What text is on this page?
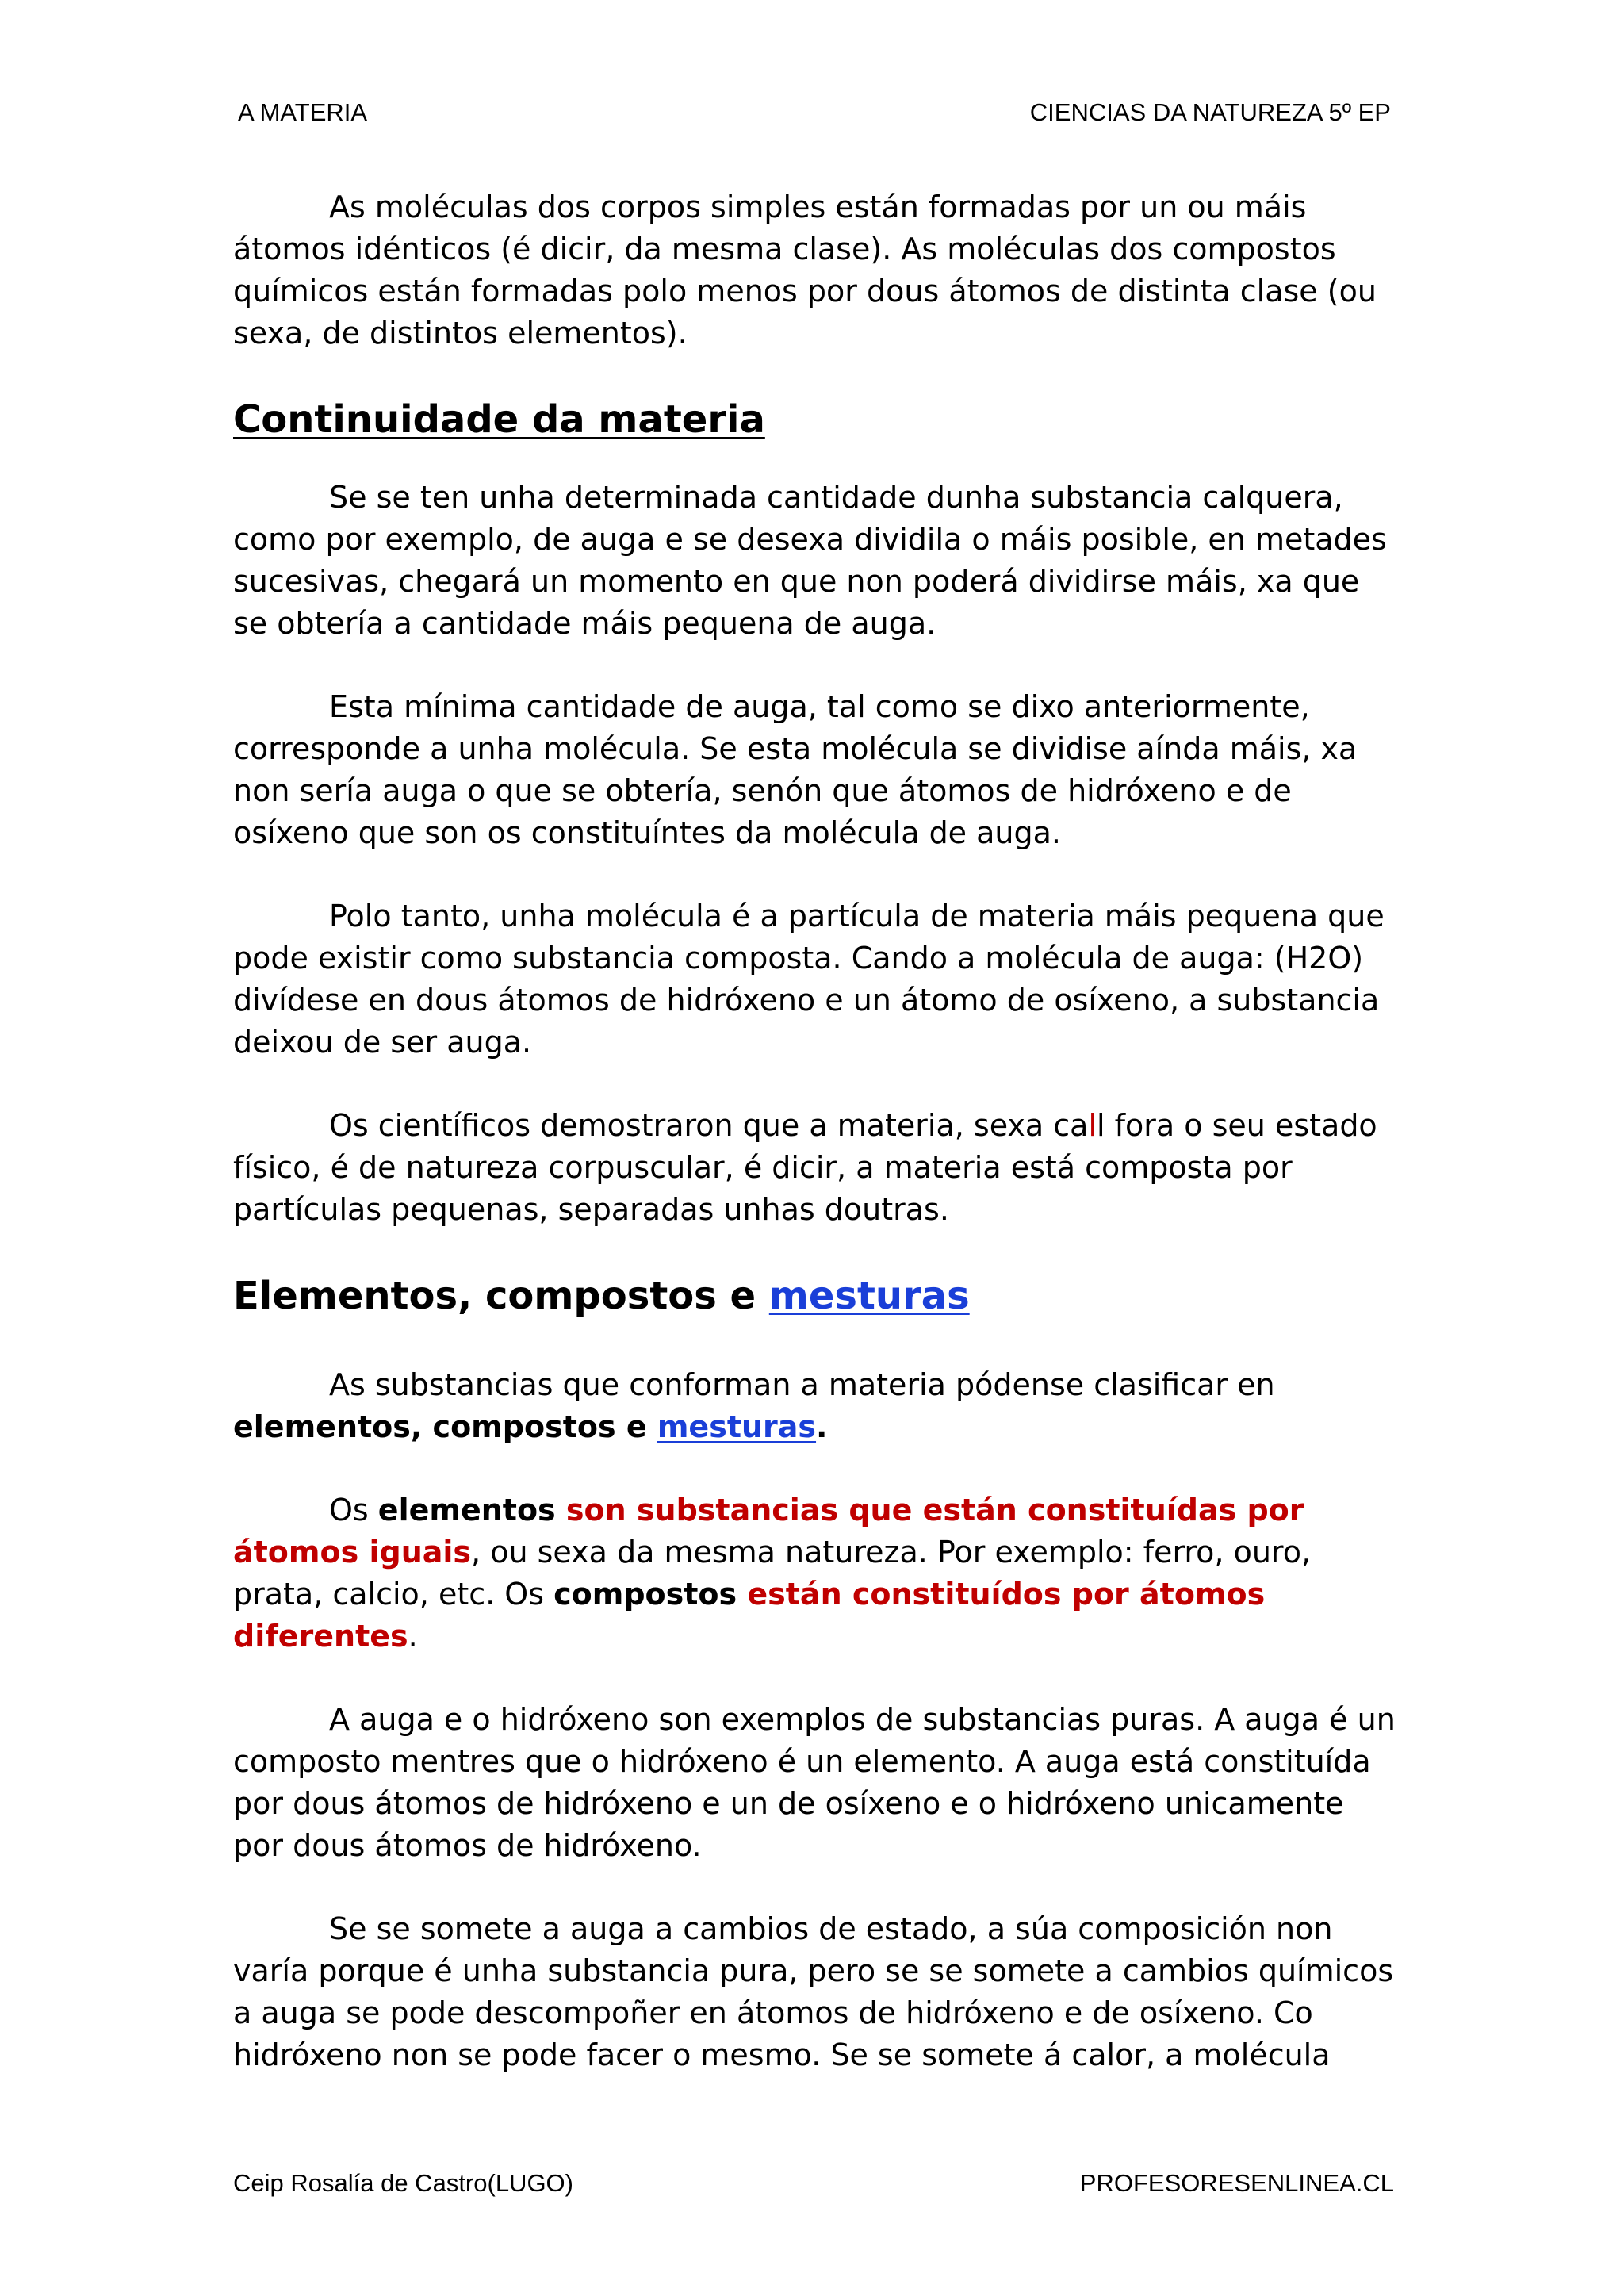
A MATERIA	CIENCIAS DA NATUREZA 5º EP

As moléculas dos corpos simples están formadas por un ou máis átomos idénticos (é dicir, da mesma clase). As moléculas dos compostos químicos están formadas polo menos por dous átomos de distinta clase (ou sexa, de distintos elementos).

Continuidade da materia

Se se ten unha determinada cantidade dunha substancia calquera, como por exemplo, de auga e se desexa dividila o máis posible, en metades sucesivas, chegará un momento en que non poderá dividirse máis, xa que se obtería a cantidade máis pequena de auga.

Esta mínima cantidade de auga, tal como se dixo anteriormente, corresponde a unha molécula. Se esta molécula se dividise aínda máis, xa non sería auga o que se obtería, senón que átomos de hidróxeno e de osíxeno que son os constituíntes da molécula de auga.

Polo tanto, unha molécula é a partícula de materia máis pequena que pode existir como substancia composta. Cando a molécula de auga: (H2O) divídese en dous átomos de hidróxeno e un átomo de osíxeno, a substancia deixou de ser auga.

Os científicos demostraron que a materia, sexa call fora o seu estado físico, é de natureza corpuscular, é dicir, a materia está composta por partículas pequenas, separadas unhas doutras.

Elementos, compostos e mesturas

As substancias que conforman a materia pódense clasificar en elementos, compostos e mesturas.

Os elementos son substancias que están constituídas por átomos iguais, ou sexa da mesma natureza. Por exemplo: ferro, ouro, prata, calcio, etc. Os compostos están constituídos por átomos diferentes.

A auga e o hidróxeno son exemplos de substancias puras. A auga é un composto mentres que o hidróxeno é un elemento. A auga está constituída por dous átomos de hidróxeno e un de osíxeno e o hidróxeno unicamente por dous átomos de hidróxeno.

Se se somete a auga a cambios de estado, a súa composición non varía porque é unha substancia pura, pero se se somete a cambios químicos a auga se pode descompoñer en átomos de hidróxeno e de osíxeno. Co hidróxeno non se pode facer o mesmo. Se se somete á calor, a molécula

Ceip Rosalía de Castro(LUGO)	PROFESORESENLINEA.CL
